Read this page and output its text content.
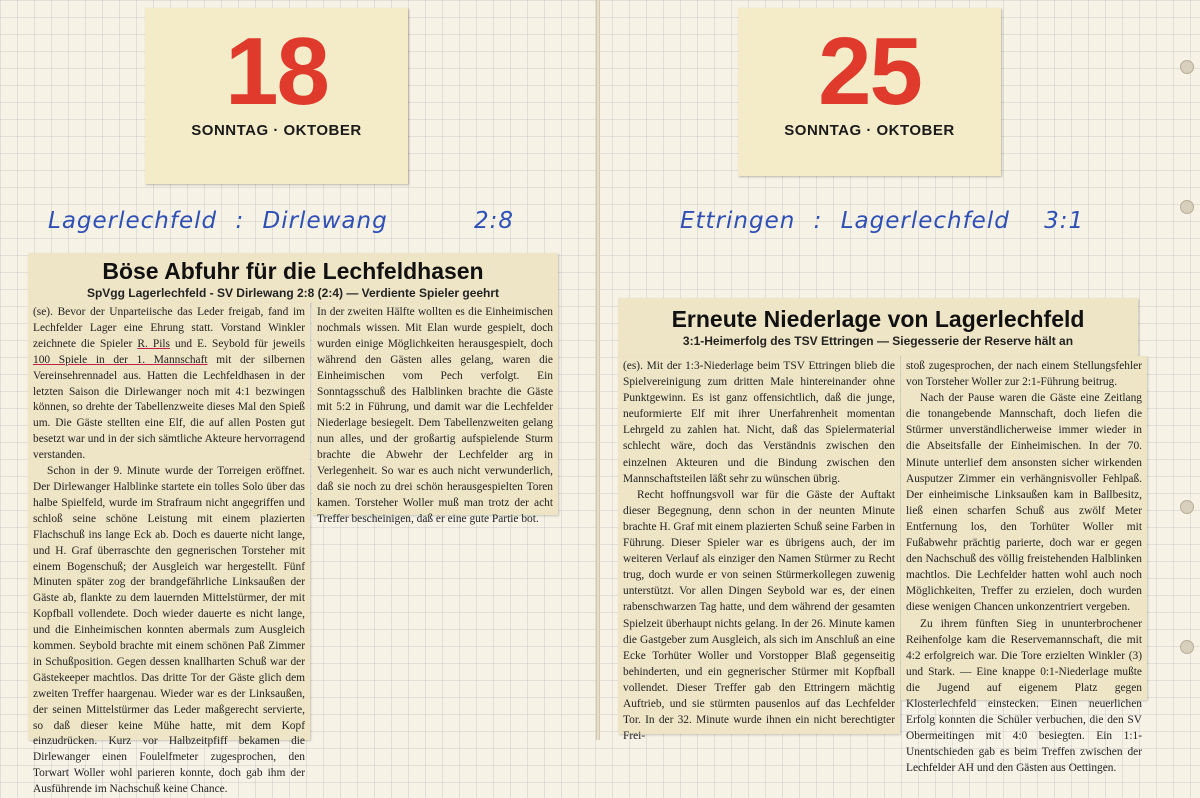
18
SONNTAG · OKTOBER
Lagerlechfeld : Dirlewang	2:8
Böse Abfuhr für die Lechfeldhasen
SpVgg Lagerlechfeld - SV Dirlewang 2:8 (2:4) — Verdiente Spieler geehrt
(se). Bevor der Unparteiische das Leder freigab, fand im Lechfelder Lager eine Ehrung statt. Vorstand Winkler zeichnete die Spieler R. Pils und E. Seybold für jeweils 100 Spiele in der 1. Mannschaft mit der silbernen Vereinsehrennadel aus. Hatten die Lechfeldhasen in der letzten Saison die Dirlewanger noch mit 4:1 bezwingen können, so drehte der Tabellenzweite dieses Mal den Spieß um. Die Gäste stellten eine Elf, die auf allen Posten gut besetzt war und in der sich sämtliche Akteure hervorragend verstanden.
Schon in der 9. Minute wurde der Torreigen eröffnet. Der Dirlewanger Halblinke startete ein tolles Solo über das halbe Spielfeld, wurde im Strafraum nicht angegriffen und schloß seine schöne Leistung mit einem plazierten Flachschuß ins lange Eck ab. Doch es dauerte nicht lange, und H. Graf überraschte den gegnerischen Torsteher mit einem Bogenschuß; der Ausgleich war hergestellt. Fünf Minuten später zog der brandgefährliche Linksaußen der Gäste ab, flankte zu dem lauernden Mittelstürmer, der mit Kopfball vollendete. Doch wieder dauerte es nicht lange, und die Einheimischen konnten abermals zum Ausgleich kommen. Seybold brachte mit einem schönen Paß Zimmer in Schußposition. Gegen dessen knallharten Schuß war der Gästekeeper machtlos. Das dritte Tor der Gäste glich dem zweiten Treffer haargenau. Wieder war es der Linksaußen, der seinen Mittelstürmer das Leder maßgerecht servierte, so daß dieser keine Mühe hatte, mit dem Kopf einzudrücken. Kurz vor Halbzeitpfiff bekamen die Dirlewanger einen Foulelfmeter zugesprochen, den Torwart Woller wohl parieren konnte, doch gab ihm der Ausführende im Nachschuß keine Chance.
In der zweiten Hälfte wollten es die Einheimischen nochmals wissen. Mit Elan wurde gespielt, doch wurden einige Möglichkeiten herausgespielt, doch während den Gästen alles gelang, waren die Einheimischen vom Pech verfolgt. Ein Sonntagsschuß des Halblinken brachte die Gäste mit 5:2 in Führung, und damit war die Lechfelder Niederlage besiegelt. Dem Tabellenzweiten gelang nun alles, und der großartig aufspielende Sturm brachte die Abwehr der Lechfelder arg in Verlegenheit. So war es auch nicht verwunderlich, daß sie noch zu drei schön herausgespielten Toren kamen. Torsteher Woller muß man trotz der acht Treffer bescheinigen, daß er eine gute Partie bot.
25
SONNTAG · OKTOBER
Ettringen : Lagerlechfeld 3:1
Erneute Niederlage von Lagerlechfeld
3:1-Heimerfolg des TSV Ettringen — Siegesserie der Reserve hält an
(es). Mit der 1:3-Niederlage beim TSV Ettringen blieb die Spielvereinigung zum dritten Male hintereinander ohne Punktgewinn. Es ist ganz offensichtlich, daß die junge, neuformierte Elf mit ihrer Unerfahrenheit momentan Lehrgeld zu zahlen hat. Nicht, daß das Spielermaterial schlecht wäre, doch das Verständnis zwischen den einzelnen Akteuren und die Bindung zwischen den Mannschaftsteilen läßt sehr zu wünschen übrig.
Recht hoffnungsvoll war für die Gäste der Auftakt dieser Begegnung, denn schon in der neunten Minute brachte H. Graf mit einem plazierten Schuß seine Farben in Führung. Dieser Spieler war es übrigens auch, der im weiteren Verlauf als einziger den Namen Stürmer zu Recht trug, doch wurde er von seinen Stürmerkollegen zuwenig unterstützt. Vor allen Dingen Seybold war es, der einen rabenschwarzen Tag hatte, und dem während der gesamten Spielzeit überhaupt nichts gelang. In der 26. Minute kamen die Gastgeber zum Ausgleich, als sich im Anschluß an eine Ecke Torhüter Woller und Vorstopper Blaß gegenseitig behinderten, und ein gegnerischer Stürmer mit Kopfball vollendet. Dieser Treffer gab den Ettringern mächtig Auftrieb, und sie stürmten pausenlos auf das Lechfelder Tor. In der 32. Minute wurde ihnen ein nicht berechtigter Frei-
stoß zugesprochen, der nach einem Stellungsfehler von Torsteher Woller zur 2:1-Führung beitrug.
Nach der Pause waren die Gäste eine Zeitlang die tonangebende Mannschaft, doch liefen die Stürmer unverständlicherweise immer wieder in die Abseitsfalle der Einheimischen. In der 70. Minute unterlief dem ansonsten sicher wirkenden Ausputzer Zimmer ein verhängnisvoller Fehlpaß. Der einheimische Linksaußen kam in Ballbesitz, ließ einen scharfen Schuß aus zwölf Meter Entfernung los, den Torhüter Woller mit Fußabwehr prächtig parierte, doch war er gegen den Nachschuß des völlig freistehenden Halblinken machtlos. Die Lechfelder hatten wohl auch noch Möglichkeiten, Treffer zu erzielen, doch wurden diese wenigen Chancen unkonzentriert vergeben.
Zu ihrem fünften Sieg in ununterbrochener Reihenfolge kam die Reservemannschaft, die mit 4:2 erfolgreich war. Die Tore erzielten Winkler (3) und Stark. — Eine knappe 0:1-Niederlage mußte die Jugend auf eigenem Platz gegen Klosterlechfeld einstecken. Einen neuerlichen Erfolg konnten die Schüler verbuchen, die den SV Obermeitingen mit 4:0 besiegten. Ein 1:1-Unentschieden gab es beim Treffen zwischen der Lechfelder AH und den Gästen aus Oettingen.
